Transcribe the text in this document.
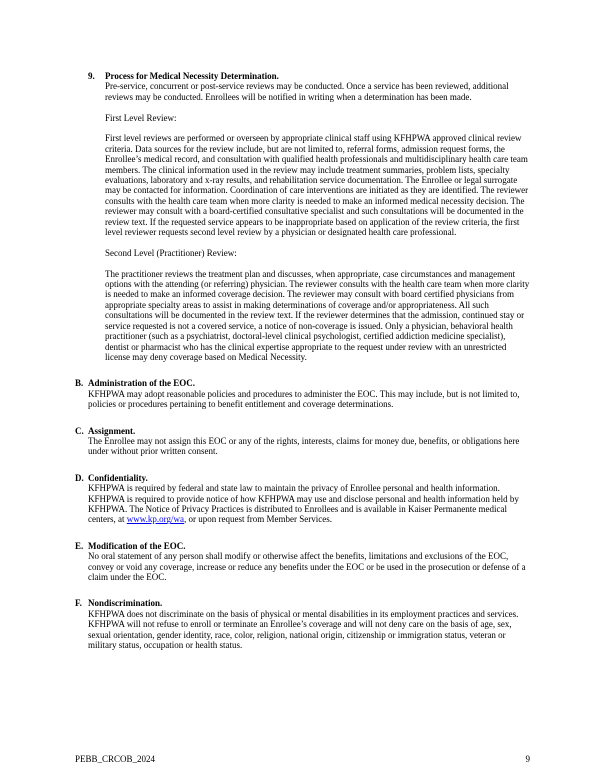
9.	Process for Medical Necessity Determination.

Pre-service, concurrent or post-service reviews may be conducted. Once a service has been reviewed, additional reviews may be conducted. Enrollees will be notified in writing when a determination has been made.

First Level Review:

First level reviews are performed or overseen by appropriate clinical staff using KFHPWA approved clinical review criteria. Data sources for the review include, but are not limited to, referral forms, admission request forms, the Enrollee’s medical record, and consultation with qualified health professionals and multidisciplinary health care team members. The clinical information used in the review may include treatment summaries, problem lists, specialty evaluations, laboratory and x-ray results, and rehabilitation service documentation. The Enrollee or legal surrogate may be contacted for information. Coordination of care interventions are initiated as they are identified. The reviewer consults with the health care team when more clarity is needed to make an informed medical necessity decision. The reviewer may consult with a board-certified consultative specialist and such consultations will be documented in the review text. If the requested service appears to be inappropriate based on application of the review criteria, the first level reviewer requests second level review by a physician or designated health care professional.

Second Level (Practitioner) Review:

The practitioner reviews the treatment plan and discusses, when appropriate, case circumstances and management options with the attending (or referring) physician. The reviewer consults with the health care team when more clarity is needed to make an informed coverage decision. The reviewer may consult with board certified physicians from appropriate specialty areas to assist in making determinations of coverage and/or appropriateness. All such consultations will be documented in the review text. If the reviewer determines that the admission, continued stay or service requested is not a covered service, a notice of non-coverage is issued. Only a physician, behavioral health practitioner (such as a psychiatrist, doctoral-level clinical psychologist, certified addiction medicine specialist), dentist or pharmacist who has the clinical expertise appropriate to the request under review with an unrestricted license may deny coverage based on Medical Necessity.

B. Administration of the EOC.

KFHPWA may adopt reasonable policies and procedures to administer the EOC. This may include, but is not limited to, policies or procedures pertaining to benefit entitlement and coverage determinations.

C. Assignment.

The Enrollee may not assign this EOC or any of the rights, interests, claims for money due, benefits, or obligations here under without prior written consent.

D. Confidentiality.

KFHPWA is required by federal and state law to maintain the privacy of Enrollee personal and health information. KFHPWA is required to provide notice of how KFHPWA may use and disclose personal and health information held by KFHPWA. The Notice of Privacy Practices is distributed to Enrollees and is available in Kaiser Permanente medical centers, at www.kp.org/wa, or upon request from Member Services.

E. Modification of the EOC.

No oral statement of any person shall modify or otherwise affect the benefits, limitations and exclusions of the EOC, convey or void any coverage, increase or reduce any benefits under the EOC or be used in the prosecution or defense of a claim under the EOC.

F. Nondiscrimination.

KFHPWA does not discriminate on the basis of physical or mental disabilities in its employment practices and services. KFHPWA will not refuse to enroll or terminate an Enrollee’s coverage and will not deny care on the basis of age, sex, sexual orientation, gender identity, race, color, religion, national origin, citizenship or immigration status, veteran or military status, occupation or health status.

PEBB_CRCOB_2024	9
